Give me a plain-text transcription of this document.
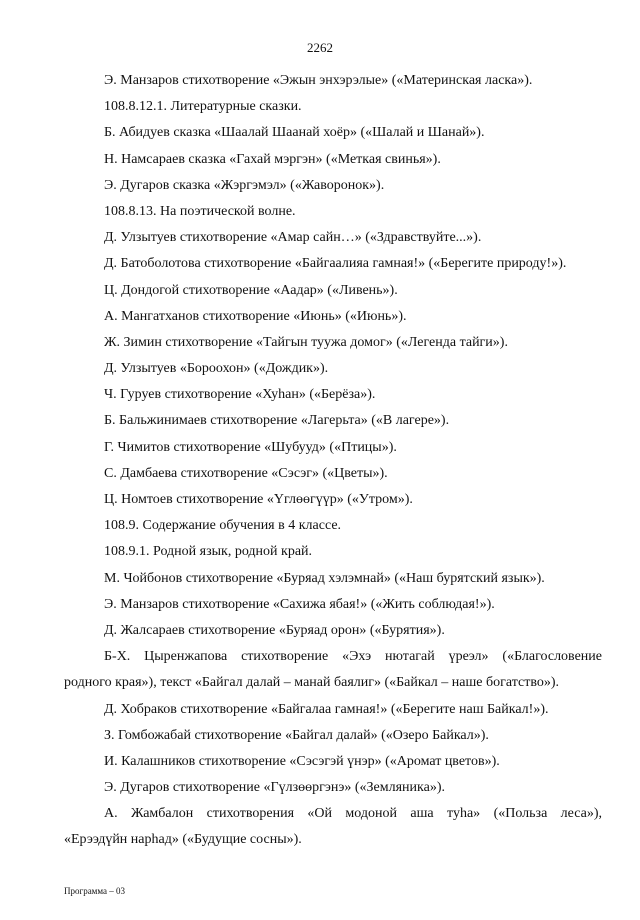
2262
Э. Манзаров стихотворение «Эжын энхэрэлые» («Материнская ласка»).
108.8.12.1. Литературные сказки.
Б. Абидуев сказка «Шаалай Шаанай хоёр» («Шалай и Шанай»).
Н. Намсараев сказка «Гахай мэргэн» («Меткая свинья»).
Э. Дугаров сказка «Жэргэмэл» («Жаворонок»).
108.8.13. На поэтической волне.
Д. Улзытуев стихотворение «Амар сайн…» («Здравствуйте...»).
Д. Батоболотова стихотворение «Байгаалияа гамная!» («Берегите природу!»).
Ц. Дондогой стихотворение «Аадар» («Ливень»).
А. Мангатханов стихотворение «Июнь» («Июнь»).
Ж. Зимин стихотворение «Тайгын туужа домог» («Легенда тайги»).
Д. Улзытуев «Бороохон» («Дождик»).
Ч. Гуруев стихотворение «Хуhан» («Берёза»).
Б. Бальжинимаев стихотворение «Лагерьта» («В лагере»).
Г. Чимитов стихотворение «Шубууд» («Птицы»).
С. Дамбаева стихотворение «Сэсэг» («Цветы»).
Ц. Номтоев стихотворение «Үглөөгүүр» («Утром»).
108.9. Содержание обучения в 4 классе.
108.9.1. Родной язык, родной край.
М. Чойбонов стихотворение «Буряад хэлэмнай» («Наш бурятский язык»).
Э. Манзаров стихотворение «Сахижа ябая!» («Жить соблюдая!»).
Д. Жалсараев стихотворение «Буряад орон» («Бурятия»).
Б-Х. Цыренжапова стихотворение «Эхэ нютагай үреэл» («Благословение
родного края»), текст «Байгал далай – манай баялиг» («Байкал – наше богатство»).
Д. Хобраков стихотворение «Байгалаа гамная!» («Берегите наш Байкал!»).
З. Гомбожабай стихотворение «Байгал далай» («Озеро Байкал»).
И. Калашников стихотворение «Сэсэгэй үнэр» («Аромат цветов»).
Э. Дугаров стихотворение «Гүлзөөргэнэ» («Земляника»).
А. Жамбалон стихотворения «Ой модоной аша туhа» («Польза леса»),
«Ерээдүйн нарhад» («Будущие сосны»).
Программа – 03
